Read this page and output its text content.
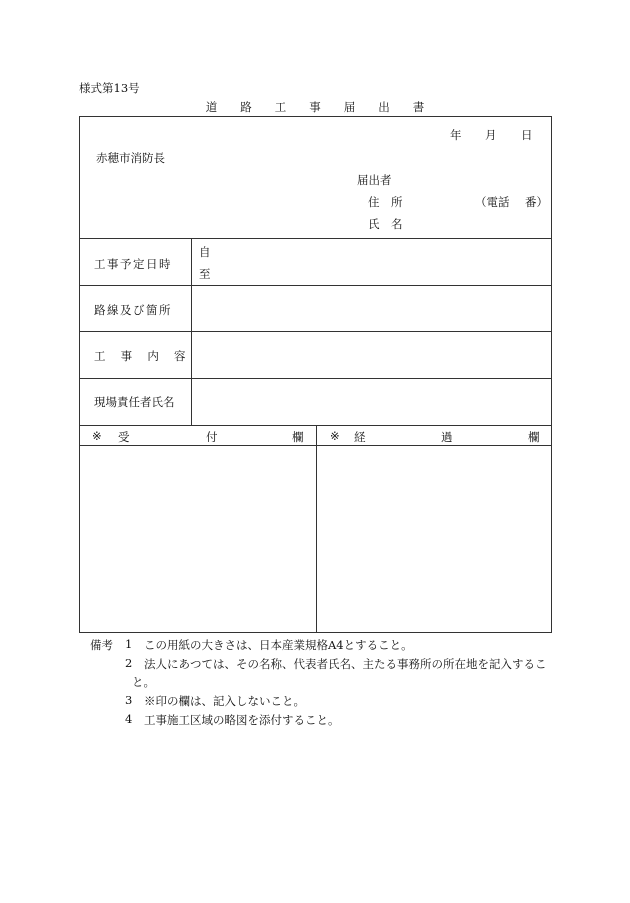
様式第13号
道　　 路　　 工　　 事　　 届　　 出　　 書
年 月 日
赤穂市消防長
届出者
住　 所	（電話 番）
氏　 名
工事予定日時
自
至
路線及び箇所
工　 事　 内　 容
現場責任者氏名
※ 受	付	欄 ※ 経	過	欄
備考 1 この用紙の大きさは、日本産業規格A4とすること。
2 法人にあつては、その名称、代表者氏名、主たる事務所の所在地を記入するこ
と。
3 ※印の欄は、記入しないこと。
4 工事施工区域の略図を添付すること。
